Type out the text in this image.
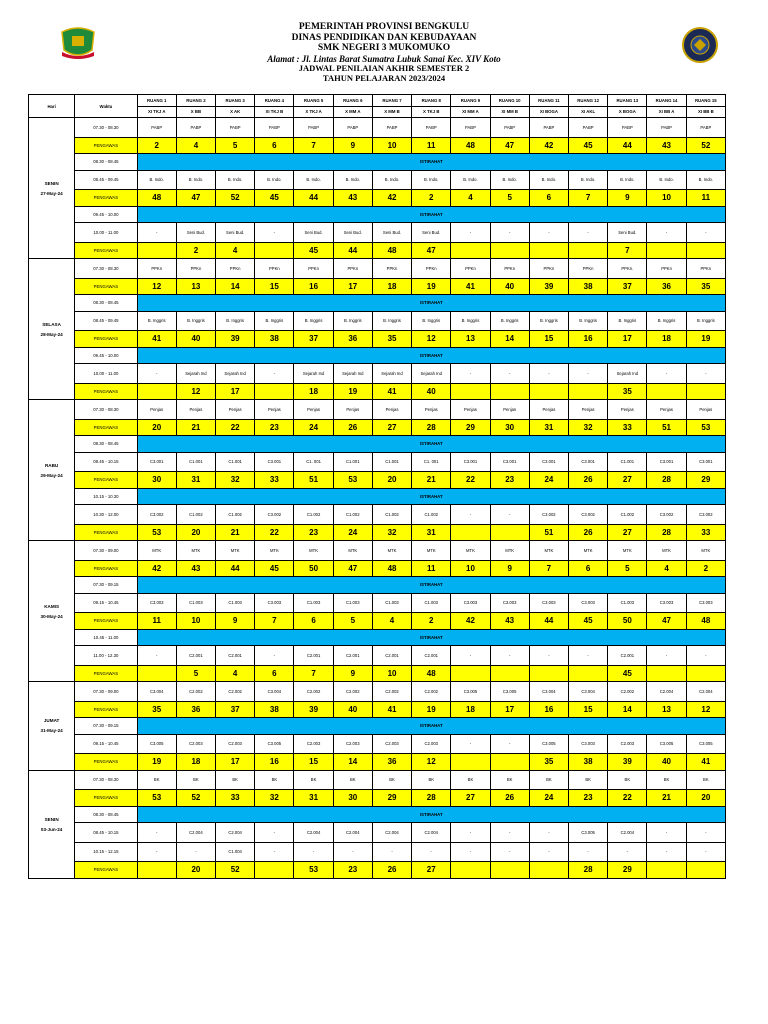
PEMERINTAH PROVINSI BENGKULU
DINAS PENDIDIKAN DAN KEBUDAYAAN
SMK NEGERI 3 MUKOMUKO
Alamat : Jl. Lintas Barat Sumatra Lubuk Sanai Kec. XIV Koto
JADWAL PENILAIAN AKHIR SEMESTER 2
TAHUN PELAJARAN 2023/2024
Hari	Waktu	RUANG 1	RUANG 2	RUANG 3	RUANG 4	RUANG 5	RUANG 6	RUANG 7	RUANG 8	RUANG 9	RUANG 10	RUANG 11	RUANG 12	RUANG 13	RUANG 14	RUANG 15
		XI TKJ A	X BB	X AK	XI TKJ B	X TKJ A	X MM A	X MM B	X TKJ B	XI MM A	XI MM B	XI BOGA	XI AKL	X BOGA	XI BB A	XI BB B

SENIN
27-May-24	07.30 - 08.30	PABP	PABP	PABP	PABP	PABP	PABP	PABP	PABP	PABP	PABP	PABP	PABP	PABP	PABP	PABP
	PENGAWAS	2	4	5	6	7	9	10	11	48	47	42	45	44	43	52
	08.30 - 08.45	ISTIRAHAT														
	08.45 - 09.45	B. Indo.	B. Indo.	B. Indo.	B. Indo.	B. Indo.	B. Indo.	B. Indo.	B. Indo.	B. Indo.	B. Indo.	B. Indo.	B. Indo.	B. Indo.	B. Indo.	B. Indo.
	PENGAWAS	48	47	52	45	44	43	42	2	4	5	6	7	9	10	11
	09.45 - 10.00	ISTIRAHAT														
	10.00 - 11.00	-	Seni Bud.	Seni Bud.	-	Seni Bud.	Seni Bud.	Seni Bud.	Seni Bud.	-	-	-	-	Seni Bud.	-	-
	PENGAWAS		2	4		45	44	48	47					7		

SELASA
28-May-24	07.30 - 08.30	PPKn	PPKn	PPKn	PPKn	PPKn	PPKn	PPKn	PPKn	PPKn	PPKn	PPKn	PPKn	PPKn.	PPKn	PPKn
	PENGAWAS	12	13	14	15	16	17	18	19	41	40	39	38	37	36	35
	08.30 - 08.45	ISTIRAHAT														
	08.45 - 09.45	B. Inggris	B. Inggris	B. Inggris	B. Inggris	B. Inggris	B. Inggris	B. Inggris	B. Inggris	B. Inggris	B. Inggris	B. Inggris	B. Inggris	B. Inggris	B. Inggris	B. Inggris
	PENGAWAS	41	40	39	38	37	36	35	12	13	14	15	16	17	18	19
	09.45 - 10.00	ISTIRAHAT														
	10.00 - 11.00	-	Sejarah Ind	Sejarah Ind	-	Sejarah Ind	Sejarah Ind	Sejarah Ind	Sejarah Ind	-	-	-	-	Sejarah Ind	-	-
	PENGAWAS		12	17		18	19	41	40					35		

RABU
29-May-24	07.30 - 08.30	Penjas	Penjas	Penjas	Penjas	Penjas	Penjas	Penjas	Penjas	Penjas	Penjas	Penjas	Penjas	Penjas	Penjas	Penjas
	PENGAWAS	20	21	22	23	24	26	27	28	29	30	31	32	33	51	53
	08.30 - 08.45	ISTIRAHAT														
	08.45 - 10.15	C3.001	C1.001	C1.001	C3.001	C1. 001	C1.001	C1.001	C1. 001	C3.001	C3.001	C3.001	C3.001	C1.001	C3.001	C3.001
	PENGAWAS	30	31	32	33	51	53	20	21	22	23	24	26	27	28	29
	10.15 - 10.30	ISTIRAHAT														
	10.30 - 12.00	C3.002	C1.002	C1.002	C3.002	C1.002	C1.002	C1.002	C1.002	-	-	C3.002	C3.002	C1.002	C3.002	C3.002
	PENGAWAS	53	20	21	22	23	24	32	31			51	26	27	28	33

KAMIS
30-May-24	07.30 - 09.00	MTK	MTK	MTK	MTK	MTK	MTK	MTK	MTK	MTK	MTK	MTK	MTK	MTK	MTK	MTK
	PENGAWAS	42	43	44	45	50	47	48	11	10	9	7	6	5	4	2
	07.30 - 09.15	ISTIRAHAT														
	09.15 - 10.45	C3.003	C1.003	C1.003	C3.003	C1.003	C1.003	C1.003	C1.003	C3.003	C3.003	C3.003	C3.003	C1.003	C3.003	C3.003
	PENGAWAS	11	10	9	7	6	5	4	2	42	43	44	45	50	47	48
	10.45 - 11.00	ISTIRAHAT														
	11.00 - 12.30	-	C2.001	C2.001	-	C2.001	C2.001	C2.001	C2.001	-	-	-	-	C2.001	-	-
	PENGAWAS		5	4	6	7	9	10	48					45		

JUMAT
31-May-24	07.30 - 09.00	C3.004	C2.002	C2.002	C3.004	C2.002	C2.002	C2.002	C2.002	C3.005	C3.005	C3.004	C3.004	C2.002	C2.004	C2.004
	PENGAWAS	35	36	37	38	39	40	41	19	18	17	16	15	14	13	12
	07.30 - 09.15	ISTIRAHAT														
	09.15 - 10.45	C3.005	C2.003	C2.003	C3.005	C2.003	C2.003	C2.003	C2.003	-	-	C3.005	C3.003	C2.003	C3.005	C3.005
	PENGAWAS	19	18	17	16	15	14	36	12			35	38	39	40	41

SENIN
03-Jun-24	07.30 - 08.30	BK	BK	BK	BK	BK	BK	BK	BK	BK	BK	BK	BK	BK	BK	BK
	PENGAWAS	53	52	33	32	31	30	29	28	27	26	24	23	22	21	20
	08.30 - 08.45	ISTIRAHAT														
	08.45 - 10.15	-	C2.004	C2.004	-	C2.004	C2.004	C2.004	C2.004	-	-	-	C3.005	C2.004	-	-
	10.15 - 12.15	-	-	C1.004	-	-	-	-	-	-	-	-	-	-	-	-
	PENGAWAS		20	52		53	23	26	27				28	29		
